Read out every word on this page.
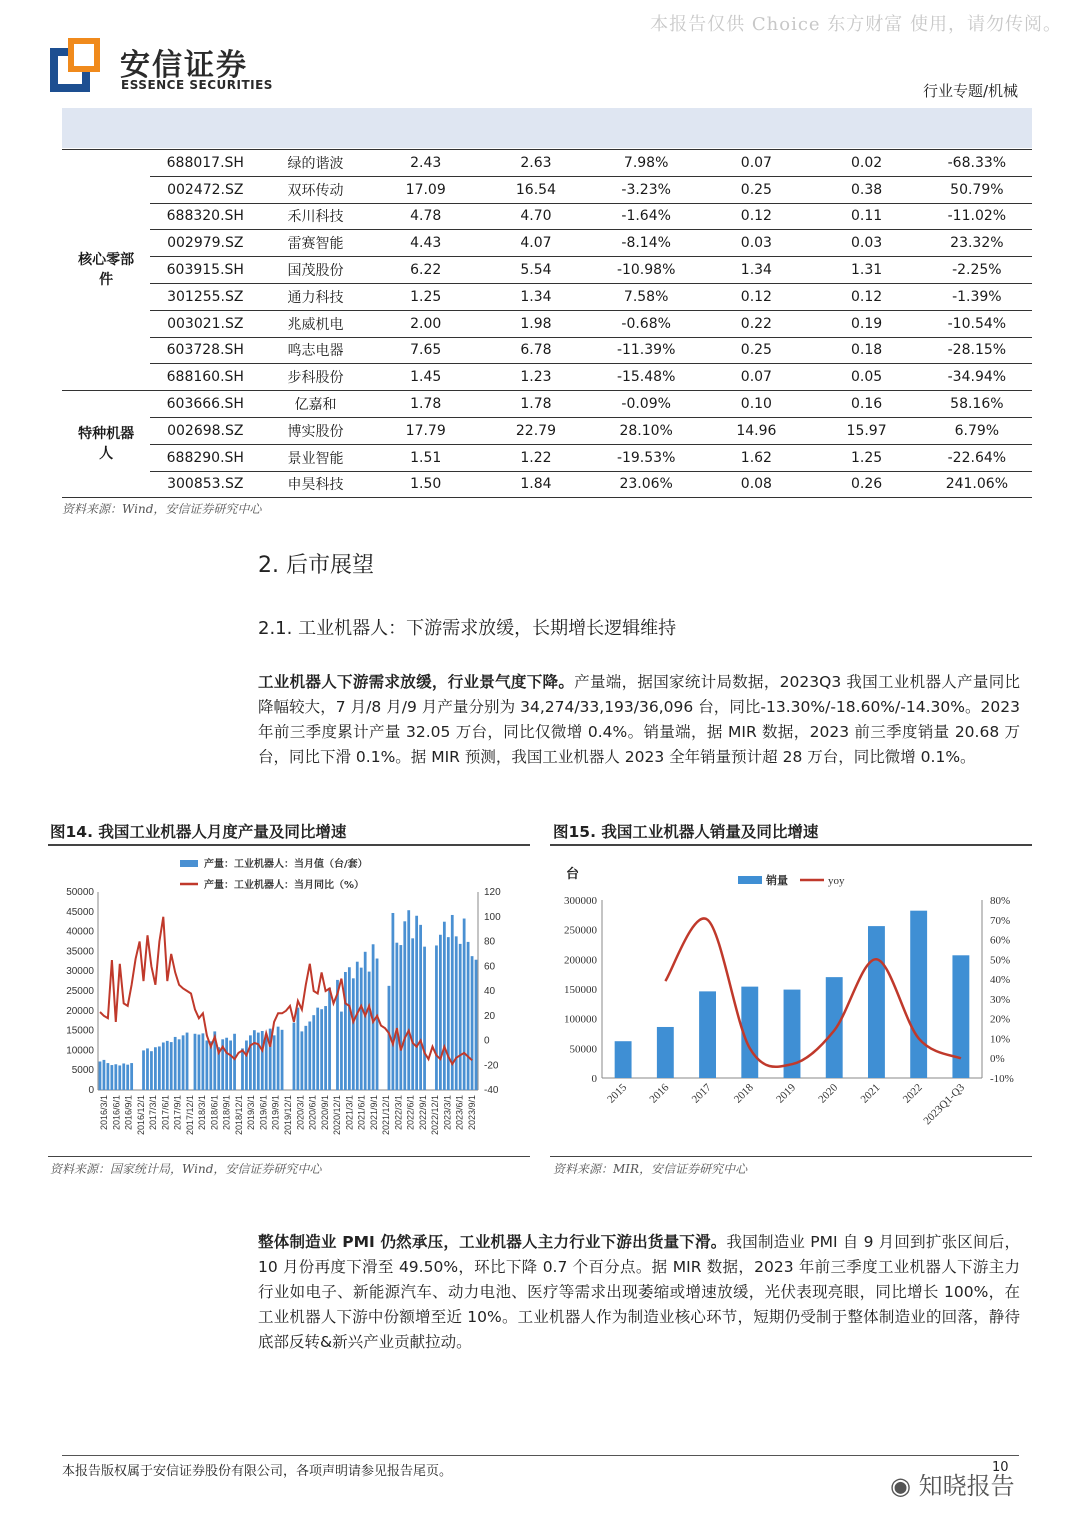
本报告仅供 Choice 东方财富 使用，请勿传阅。
安信证券
ESSENCE SECURITIES	行业专题/机械
核心零部
件	688017.SH	绿的谐波	2.43	2.63	7.98%	0.07	0.02	-68.33%
	002472.SZ	双环传动	17.09	16.54	-3.23%	0.25	0.38	50.79%
	688320.SH	禾川科技	4.78	4.70	-1.64%	0.12	0.11	-11.02%
	002979.SZ	雷赛智能	4.43	4.07	-8.14%	0.03	0.03	23.32%
	603915.SH	国茂股份	6.22	5.54	-10.98%	1.34	1.31	-2.25%
	301255.SZ	通力科技	1.25	1.34	7.58%	0.12	0.12	-1.39%
	003021.SZ	兆威机电	2.00	1.98	-0.68%	0.22	0.19	-10.54%
	603728.SH	鸣志电器	7.65	6.78	-11.39%	0.25	0.18	-28.15%
	688160.SH	步科股份	1.45	1.23	-15.48%	0.07	0.05	-34.94%
特种机器
人	603666.SH	亿嘉和	1.78	1.78	-0.09%	0.10	0.16	58.16%
	002698.SZ	博实股份	17.79	22.79	28.10%	14.96	15.97	6.79%
	688290.SH	景业智能	1.51	1.22	-19.53%	1.62	1.25	-22.64%
	300853.SZ	申昊科技	1.50	1.84	23.06%	0.08	0.26	241.06%
资料来源：Wind，安信证券研究中心
2. 后市展望
2.1. 工业机器人：下游需求放缓，长期增长逻辑维持
工业机器人下游需求放缓，行业景气度下降。产量端，据国家统计局数据，2023Q3 我国工业机器人产量同比降幅较大，7 月/8 月/9 月产量分别为 34,274/33,193/36,096 台，同比-13.30%/-18.60%/-14.30%。2023 年前三季度累计产量 32.05 万台，同比仅微增 0.4%。销量端，据 MIR 数据，2023 前三季度销量 20.68 万台，同比下滑 0.1%。据 MIR 预测，我国工业机器人 2023 全年销量预计超 28 万台，同比微增 0.1%。
图14. 我国工业机器人月度产量及同比增速
50000
45000
40000
35000
30000
25000
20000
15000
10000
5000
0
120
100
80
60
40
20
0
-20
-40
2016/3/1 2016/6/1 2016/9/1 2016/12/1 2017/3/1 2017/6/1 2017/9/1 2017/12/1 2018/3/1 2018/6/1 2018/9/1 2018/12/1 2019/3/1 2019/6/1 2019/9/1 2019/12/1 2020/3/1 2020/6/1 2020/9/1 2020/12/1 2021/3/1 2021/6/1 2021/9/1 2021/12/1 2022/3/1 2022/6/1 2022/9/1 2022/12/1 2023/3/1 2023/6/1 2023/9/1
产量：工业机器人：当月值（台/套）
产量：工业机器人：当月同比（%）
资料来源：国家统计局，Wind，安信证券研究中心
图15. 我国工业机器人销量及同比增速
台
300000
250000
200000
150000
100000
50000
0
80%
70%
60%
50%
40%
30%
20%
10%
0%
-10%
2015 2016 2017 2018 2019 2020 2021 2022
2023Q1-Q3
销量	yoy
资料来源：MIR，安信证券研究中心
整体制造业 PMI 仍然承压，工业机器人主力行业下游出货量下滑。我国制造业 PMI 自 9 月回到扩张区间后，10 月份再度下滑至 49.50%，环比下降 0.7 个百分点。据 MIR 数据，2023 年前三季度工业机器人下游主力行业如电子、新能源汽车、动力电池、医疗等需求出现萎缩或增速放缓，光伏表现亮眼，同比增长 100%，在工业机器人下游中份额增至近 10%。工业机器人作为制造业核心环节，短期仍受制于整体制造业的回落，静待底部反转&新兴产业贡献拉动。
本报告版权属于安信证券股份有限公司，各项声明请参见报告尾页。	10
◉ 知晓报告
